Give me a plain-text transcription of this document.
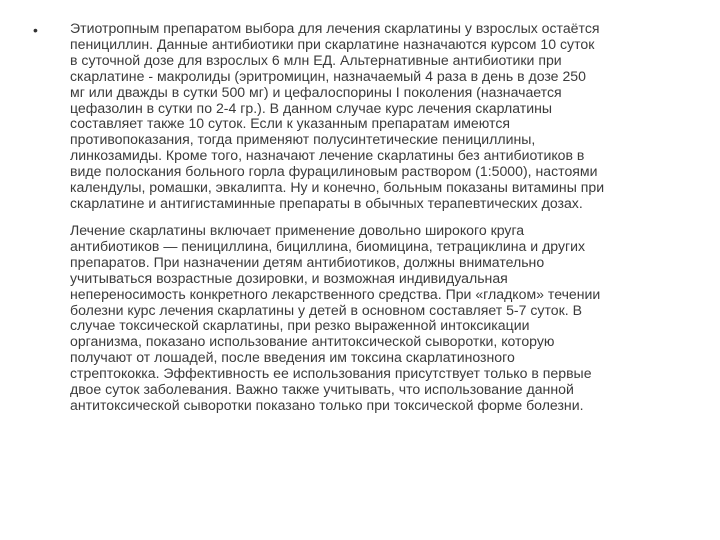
• Этиотропным препаратом выбора для лечения скарлатины у взрослых остаётся
пенициллин. Данные антибиотики при скарлатине назначаются курсом 10 суток
в суточной дозе для взрослых 6 млн ЕД. Альтернативные антибиотики при
скарлатине - макролиды (эритромицин, назначаемый 4 раза в день в дозе 250
мг или дважды в сутки 500 мг) и цефалоспорины I поколения (назначается
цефазолин в сутки по 2-4 гр.). В данном случае курс лечения скарлатины
составляет также 10 суток. Если к указанным препаратам имеются
противопоказания, тогда применяют полусинтетические пенициллины,
линкозамиды. Кроме того, назначают лечение скарлатины без антибиотиков в
виде полоскания больного горла фурацилиновым раствором (1:5000), настоями
календулы, ромашки, эвкалипта. Ну и конечно, больным показаны витамины при
скарлатине и антигистаминные препараты в обычных терапевтических дозах.

Лечение скарлатины включает применение довольно широкого круга
антибиотиков — пенициллина, бициллина, биомицина, тетрациклина и других
препаратов. При назначении детям антибиотиков, должны внимательно
учитываться возрастные дозировки, и возможная индивидуальная
непереносимость конкретного лекарственного средства. При «гладком» течении
болезни курс лечения скарлатины у детей в основном составляет 5-7 суток. В
случае токсической скарлатины, при резко выраженной интоксикации
организма, показано использование антитоксической сыворотки, которую
получают от лошадей, после введения им токсина скарлатинозного
стрептококка. Эффективность ее использования присутствует только в первые
двое суток заболевания. Важно также учитывать, что использование данной
антитоксической сыворотки показано только при токсической форме болезни.
